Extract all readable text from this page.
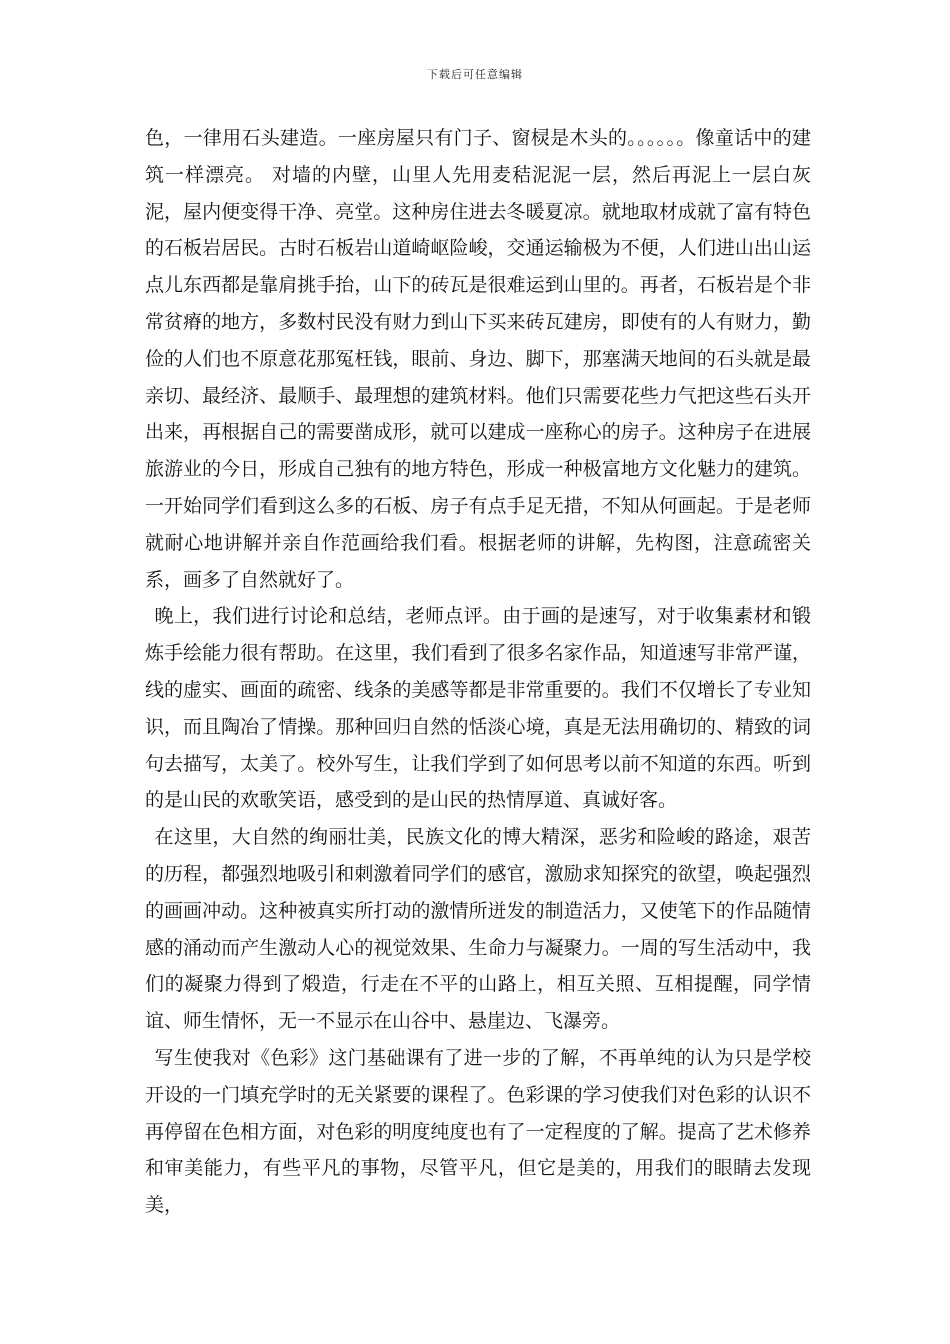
下载后可任意编辑

色，一律用石头建造。一座房屋只有门子、窗棂是木头的。。。。。。像童话中的建筑一样漂亮。 对墙的内壁，山里人先用麦秸泥泥一层，然后再泥上一层白灰泥，屋内便变得干净、亮堂。这种房住进去冬暖夏凉。就地取材成就了富有特色的石板岩居民。古时石板岩山道崎岖险峻，交通运输极为不便，人们进山出山运点儿东西都是靠肩挑手抬，山下的砖瓦是很难运到山里的。再者，石板岩是个非常贫瘠的地方，多数村民没有财力到山下买来砖瓦建房，即使有的人有财力，勤俭的人们也不原意花那冤枉钱，眼前、身边、脚下，那塞满天地间的石头就是最亲切、最经济、最顺手、最理想的建筑材料。他们只需要花些力气把这些石头开出来，再根据自己的需要凿成形，就可以建成一座称心的房子。这种房子在进展旅游业的今日，形成自己独有的地方特色，形成一种极富地方文化魅力的建筑。一开始同学们看到这么多的石板、房子有点手足无措，不知从何画起。于是老师就耐心地讲解并亲自作范画给我们看。根据老师的讲解，先构图，注意疏密关系，画多了自然就好了。

晚上，我们进行讨论和总结，老师点评。由于画的是速写，对于收集素材和锻炼手绘能力很有帮助。在这里，我们看到了很多名家作品，知道速写非常严谨，线的虚实、画面的疏密、线条的美感等都是非常重要的。我们不仅增长了专业知识，而且陶冶了情操。那种回归自然的恬淡心境，真是无法用确切的、精致的词句去描写，太美了。校外写生，让我们学到了如何思考以前不知道的东西。听到的是山民的欢歌笑语，感受到的是山民的热情厚道、真诚好客。

在这里，大自然的绚丽壮美，民族文化的博大精深，恶劣和险峻的路途，艰苦的历程，都强烈地吸引和刺激着同学们的感官，激励求知探究的欲望，唤起强烈的画画冲动。这种被真实所打动的激情所迸发的制造活力，又使笔下的作品随情感的涌动而产生激动人心的视觉效果、生命力与凝聚力。一周的写生活动中，我们的凝聚力得到了煅造，行走在不平的山路上，相互关照、互相提醒，同学情谊、师生情怀，无一不显示在山谷中、悬崖边、飞瀑旁。

写生使我对《色彩》这门基础课有了进一步的了解，不再单纯的认为只是学校开设的一门填充学时的无关紧要的课程了。色彩课的学习使我们对色彩的认识不再停留在色相方面，对色彩的明度纯度也有了一定程度的了解。提高了艺术修养和审美能力，有些平凡的事物，尽管平凡，但它是美的，用我们的眼睛去发现美，
